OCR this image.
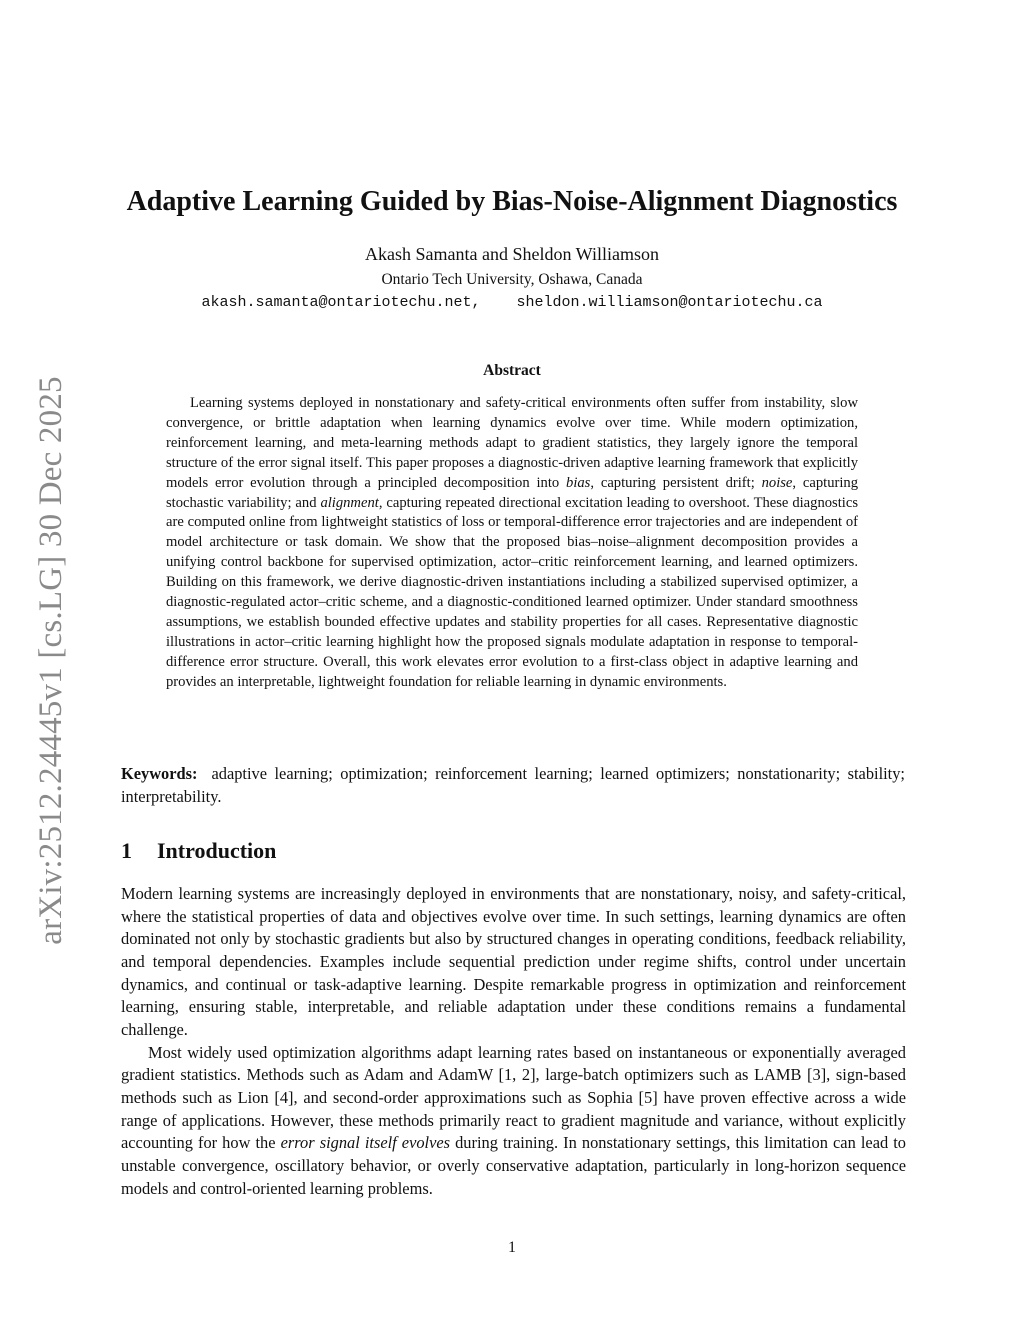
arXiv:2512.24445v1 [cs.LG] 30 Dec 2025
Adaptive Learning Guided by Bias-Noise-Alignment Diagnostics
Akash Samanta and Sheldon Williamson
Ontario Tech University, Oshawa, Canada
akash.samanta@ontariotechu.net, sheldon.williamson@ontariotechu.ca
Abstract

Learning systems deployed in nonstationary and safety-critical environments often suffer from instability, slow convergence, or brittle adaptation when learning dynamics evolve over time. While modern optimization, reinforcement learning, and meta-learning methods adapt to gradient statistics, they largely ignore the temporal structure of the error signal itself. This paper proposes a diagnostic-driven adaptive learning framework that explicitly models error evolution through a principled decomposition into bias, capturing persistent drift; noise, capturing stochastic variability; and alignment, capturing repeated directional excitation leading to overshoot. These diagnostics are computed online from lightweight statistics of loss or temporal-difference error trajectories and are independent of model architecture or task domain. We show that the proposed bias–noise–alignment decomposition provides a unifying control backbone for supervised optimization, actor–critic reinforcement learning, and learned optimizers. Building on this framework, we derive diagnostic-driven instantiations including a stabilized supervised optimizer, a diagnostic-regulated actor–critic scheme, and a diagnostic-conditioned learned optimizer. Under standard smoothness assumptions, we establish bounded effective updates and stability properties for all cases. Representative diagnostic illustrations in actor–critic learning highlight how the proposed signals modulate adaptation in response to temporal-difference error structure. Overall, this work elevates error evolution to a first-class object in adaptive learning and provides an interpretable, lightweight foundation for reliable learning in dynamic environments.

Keywords: adaptive learning; optimization; reinforcement learning; learned optimizers; nonstationarity; stability; interpretability.

1 Introduction

Modern learning systems are increasingly deployed in environments that are nonstationary, noisy, and safety-critical, where the statistical properties of data and objectives evolve over time. In such settings, learning dynamics are often dominated not only by stochastic gradients but also by structured changes in operating conditions, feedback reliability, and temporal dependencies. Examples include sequential prediction under regime shifts, control under uncertain dynamics, and continual or task-adaptive learning. Despite remarkable progress in optimization and reinforcement learning, ensuring stable, interpretable, and reliable adaptation under these conditions remains a fundamental challenge.

Most widely used optimization algorithms adapt learning rates based on instantaneous or exponentially averaged gradient statistics. Methods such as Adam and AdamW [1, 2], large-batch optimizers such as LAMB [3], sign-based methods such as Lion [4], and second-order approximations such as Sophia [5] have proven effective across a wide range of applications. However, these methods primarily react to gradient magnitude and variance, without explicitly accounting for how the error signal itself evolves during training. In nonstationary settings, this limitation can lead to unstable convergence, oscillatory behavior, or overly conservative adaptation, particularly in long-horizon sequence models and control-oriented learning problems.

1
